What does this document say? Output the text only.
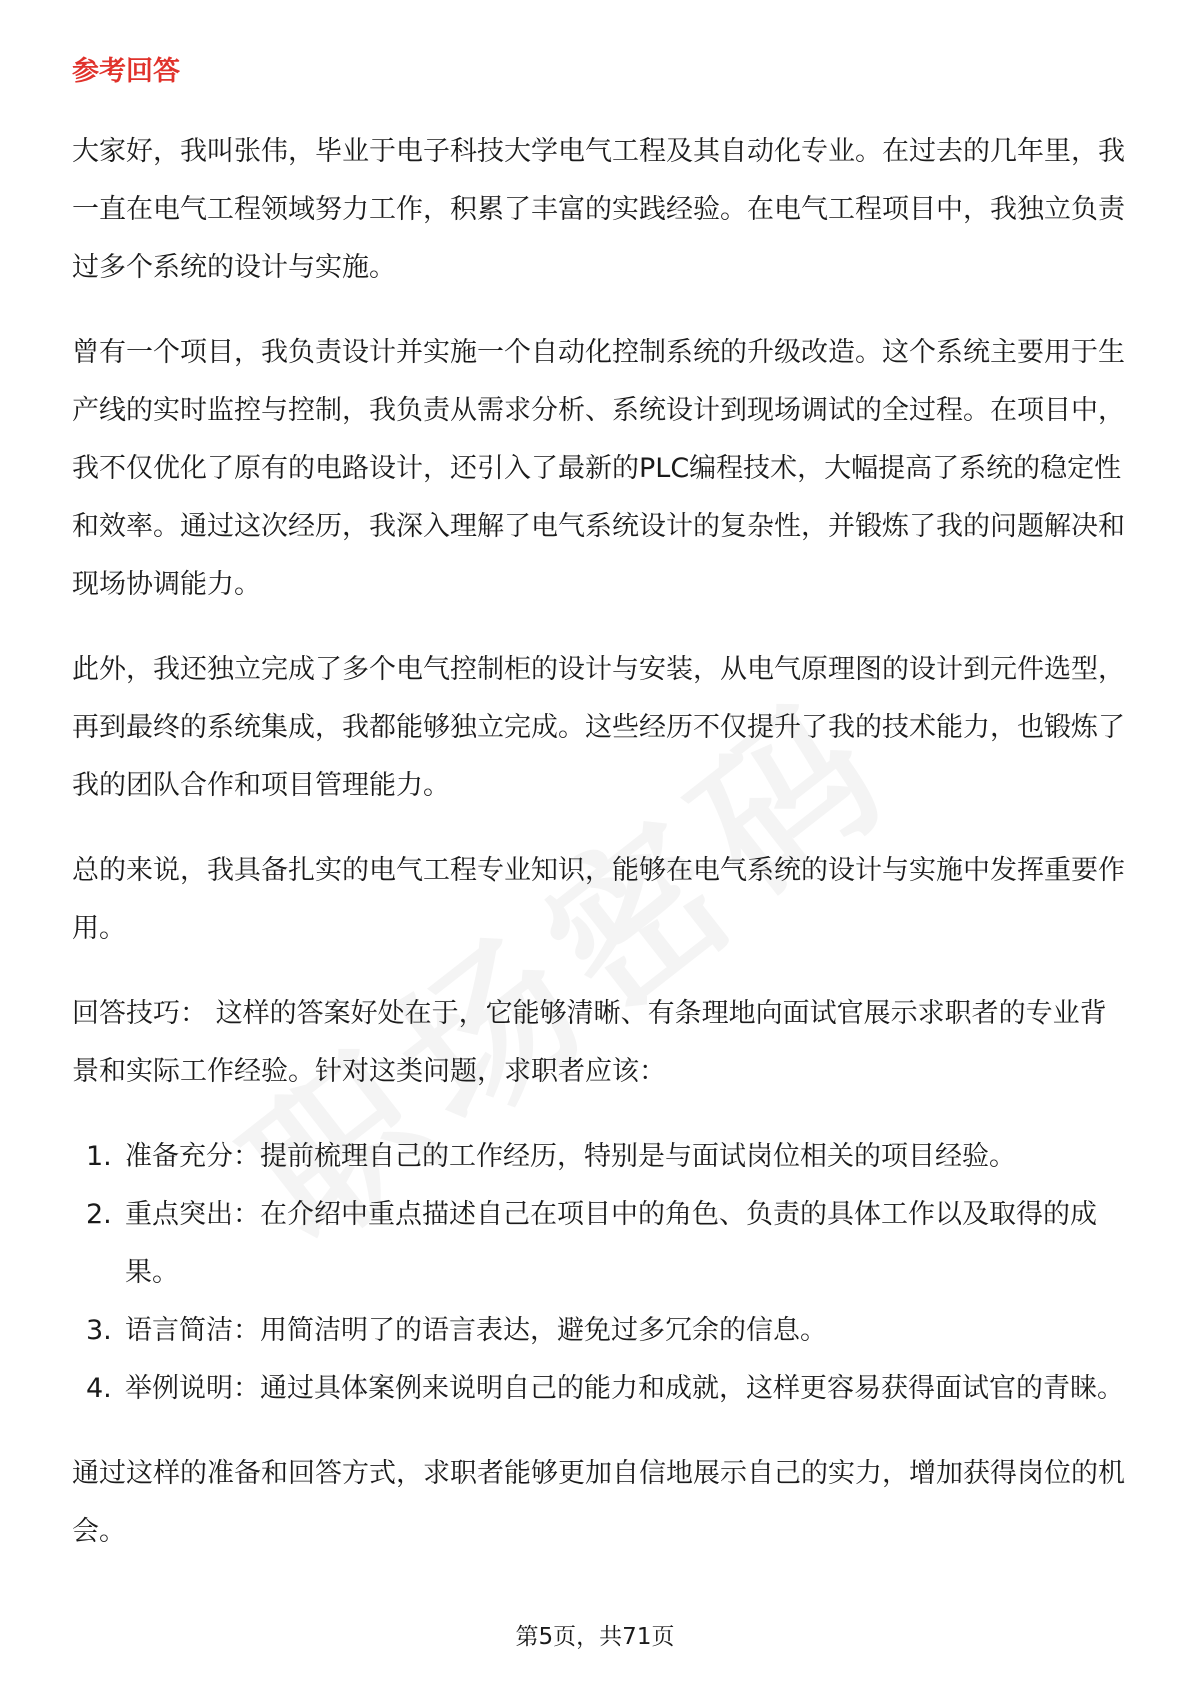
参考回答

大家好，我叫张伟，毕业于电子科技大学电气工程及其自动化专业。在过去的几年里，我一直在电气工程领域努力工作，积累了丰富的实践经验。在电气工程项目中，我独立负责过多个系统的设计与实施。

曾有一个项目，我负责设计并实施一个自动化控制系统的升级改造。这个系统主要用于生产线的实时监控与控制，我负责从需求分析、系统设计到现场调试的全过程。在项目中，我不仅优化了原有的电路设计，还引入了最新的PLC编程技术，大幅提高了系统的稳定性和效率。通过这次经历，我深入理解了电气系统设计的复杂性，并锻炼了我的问题解决和现场协调能力。

此外，我还独立完成了多个电气控制柜的设计与安装，从电气原理图的设计到元件选型，再到最终的系统集成，我都能够独立完成。这些经历不仅提升了我的技术能力，也锻炼了我的团队合作和项目管理能力。

总的来说，我具备扎实的电气工程专业知识，能够在电气系统的设计与实施中发挥重要作用。

回答技巧： 这样的答案好处在于，它能够清晰、有条理地向面试官展示求职者的专业背景和实际工作经验。针对这类问题，求职者应该：

1. 准备充分：提前梳理自己的工作经历，特别是与面试岗位相关的项目经验。
2. 重点突出：在介绍中重点描述自己在项目中的角色、负责的具体工作以及取得的成果。
3. 语言简洁：用简洁明了的语言表达，避免过多冗余的信息。
4. 举例说明：通过具体案例来说明自己的能力和成就，这样更容易获得面试官的青睐。

通过这样的准备和回答方式，求职者能够更加自信地展示自己的实力，增加获得岗位的机会。

第5页，共71页
